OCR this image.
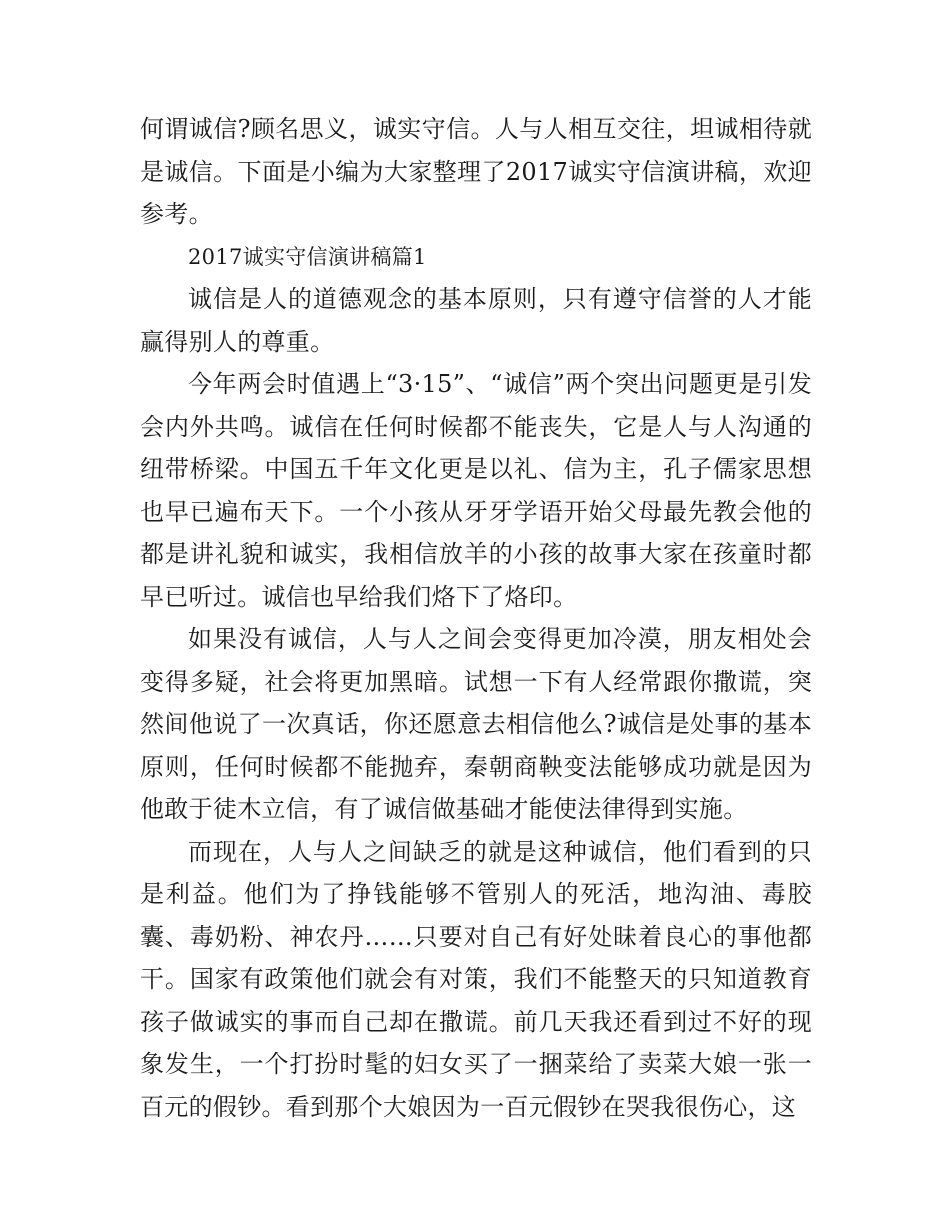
何谓诚信?顾名思义，诚实守信。人与人相互交往，坦诚相待就是诚信。下面是小编为大家整理了2017诚实守信演讲稿，欢迎参考。

2017诚实守信演讲稿篇1

诚信是人的道德观念的基本原则，只有遵守信誉的人才能赢得别人的尊重。

今年两会时值遇上“3·15”、“诚信”两个突出问题更是引发会内外共鸣。诚信在任何时候都不能丧失，它是人与人沟通的纽带桥梁。中国五千年文化更是以礼、信为主，孔子儒家思想也早已遍布天下。一个小孩从牙牙学语开始父母最先教会他的都是讲礼貌和诚实，我相信放羊的小孩的故事大家在孩童时都早已听过。诚信也早给我们烙下了烙印。

如果没有诚信，人与人之间会变得更加冷漠，朋友相处会变得多疑，社会将更加黑暗。试想一下有人经常跟你撒谎，突然间他说了一次真话，你还愿意去相信他么?诚信是处事的基本原则，任何时候都不能抛弃，秦朝商鞅变法能够成功就是因为他敢于徒木立信，有了诚信做基础才能使法律得到实施。

而现在，人与人之间缺乏的就是这种诚信，他们看到的只是利益。他们为了挣钱能够不管别人的死活，地沟油、毒胶囊、毒奶粉、神农丹……只要对自己有好处昧着良心的事他都干。国家有政策他们就会有对策，我们不能整天的只知道教育孩子做诚实的事而自己却在撒谎。前几天我还看到过不好的现象发生，一个打扮时髦的妇女买了一捆菜给了卖菜大娘一张一百元的假钞。看到那个大娘因为一百元假钞在哭我很伤心，这
